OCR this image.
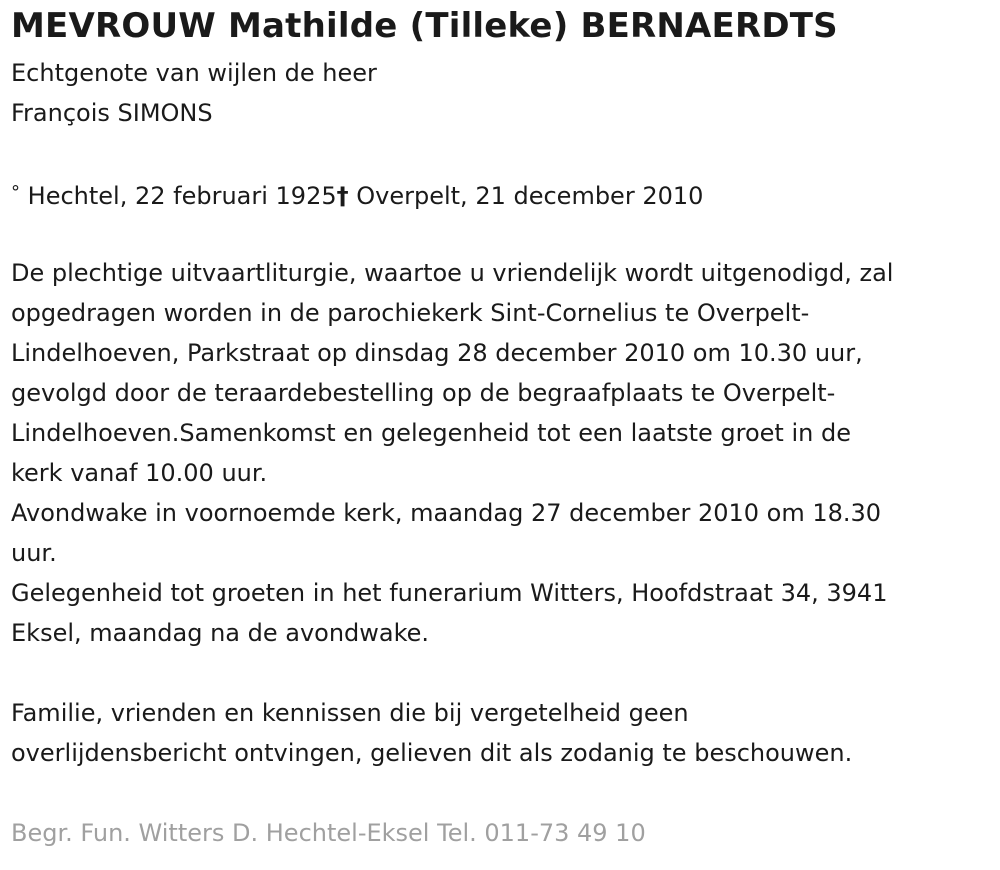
MEVROUW Mathilde (Tilleke) BERNAERDTS
Echtgenote van wijlen de heer
François SIMONS
° Hechtel, 22 februari 1925† Overpelt, 21 december 2010
De plechtige uitvaartliturgie, waartoe u vriendelijk wordt uitgenodigd, zal
opgedragen worden in de parochiekerk Sint-Cornelius te Overpelt-
Lindelhoeven, Parkstraat op dinsdag 28 december 2010 om 10.30 uur,
gevolgd door de teraardebestelling op de begraafplaats te Overpelt-
Lindelhoeven.Samenkomst en gelegenheid tot een laatste groet in de
kerk vanaf 10.00 uur.
Avondwake in voornoemde kerk, maandag 27 december 2010 om 18.30
uur.
Gelegenheid tot groeten in het funerarium Witters, Hoofdstraat 34, 3941
Eksel, maandag na de avondwake.
Familie, vrienden en kennissen die bij vergetelheid geen
overlijdensbericht ontvingen, gelieven dit als zodanig te beschouwen.
Begr. Fun. Witters D. Hechtel-Eksel Tel. 011-73 49 10
